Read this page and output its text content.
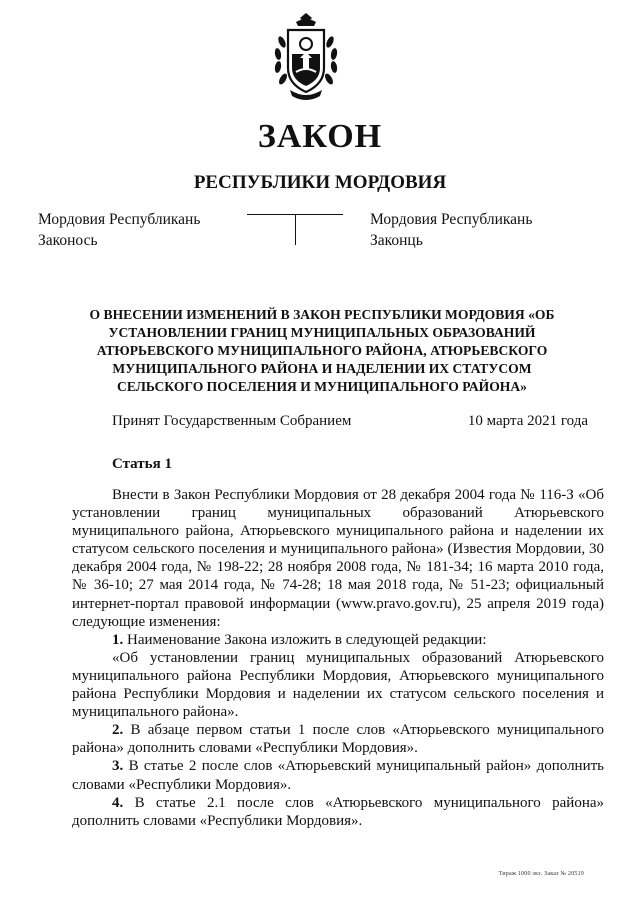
ЗАКОН
РЕСПУБЛИКИ МОРДОВИЯ
Мордовия Республикань
Законось
Мордовия Республикань
Законць
О ВНЕСЕНИИ ИЗМЕНЕНИЙ В ЗАКОН РЕСПУБЛИКИ МОРДОВИЯ «ОБ УСТАНОВЛЕНИИ ГРАНИЦ МУНИЦИПАЛЬНЫХ ОБРАЗОВАНИЙ АТЮРЬЕВСКОГО МУНИЦИПАЛЬНОГО РАЙОНА, АТЮРЬЕВСКОГО МУНИЦИПАЛЬНОГО РАЙОНА И НАДЕЛЕНИИ ИХ СТАТУСОМ СЕЛЬСКОГО ПОСЕЛЕНИЯ И МУНИЦИПАЛЬНОГО РАЙОНА»
Принят Государственным Собранием	10 марта 2021 года
Статья 1

Внести в Закон Республики Мордовия от 28 декабря 2004 года № 116-З «Об установлении границ муниципальных образований Атюрьевского муниципального района, Атюрьевского муниципального района и наделении их статусом сельского поселения и муниципального района» (Известия Мордовии, 30 декабря 2004 года, № 198-22; 28 ноября 2008 года, № 181-34; 16 марта 2010 года, № 36-10; 27 мая 2014 года, № 74-28; 18 мая 2018 года, № 51-23; официальный интернет-портал правовой информации (www.pravo.gov.ru), 25 апреля 2019 года) следующие изменения:

1. Наименование Закона изложить в следующей редакции:

«Об установлении границ муниципальных образований Атюрьевского муниципального района Республики Мордовия, Атюрьевского муниципального района Республики Мордовия и наделении их статусом сельского поселения и муниципального района».

2. В абзаце первом статьи 1 после слов «Атюрьевского муниципального района» дополнить словами «Республики Мордовия».

3. В статье 2 после слов «Атюрьевский муниципальный район» дополнить словами «Республики Мордовия».

4. В статье 2.1 после слов «Атюрьевского муниципального района» дополнить словами «Республики Мордовия».

Тираж 1000 экз. Заказ № 20519
